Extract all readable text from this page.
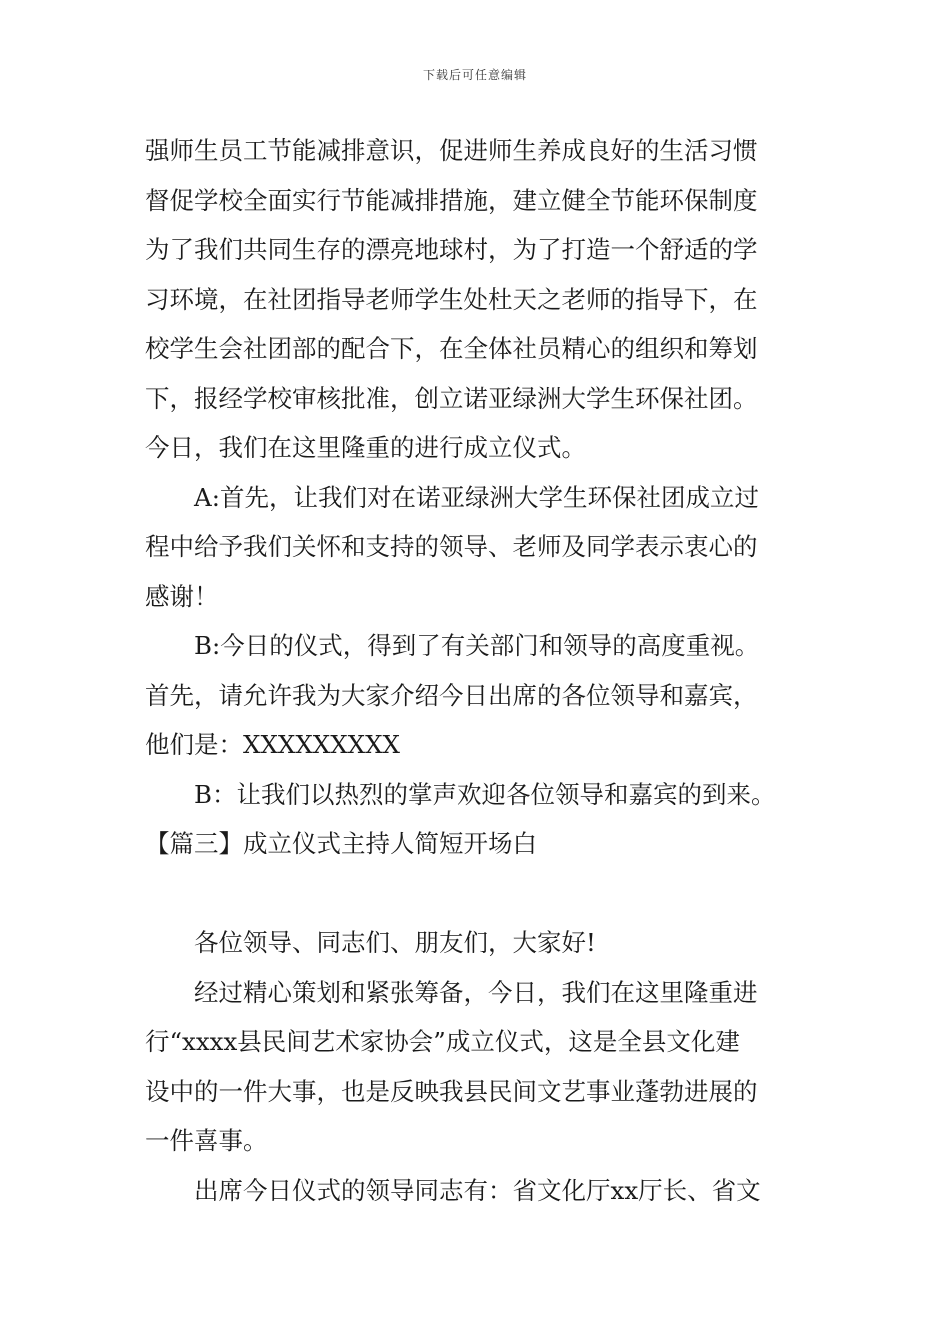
下载后可任意编辑
强师生员工节能减排意识，促进师生养成良好的生活习惯
督促学校全面实行节能减排措施，建立健全节能环保制度
为了我们共同生存的漂亮地球村，为了打造一个舒适的学
习环境，在社团指导老师学生处杜天之老师的指导下，在
校学生会社团部的配合下，在全体社员精心的组织和筹划
下，报经学校审核批准，创立诺亚绿洲大学生环保社团。
今日，我们在这里隆重的进行成立仪式。
A:首先，让我们对在诺亚绿洲大学生环保社团成立过
程中给予我们关怀和支持的领导、老师及同学表示衷心的
感谢！
B:今日的仪式，得到了有关部门和领导的高度重视。
首先，请允许我为大家介绍今日出席的各位领导和嘉宾，
他们是：XXXXXXXXX
B：让我们以热烈的掌声欢迎各位领导和嘉宾的到来。
【篇三】成立仪式主持人简短开场白
各位领导、同志们、朋友们，大家好!
经过精心策划和紧张筹备，今日，我们在这里隆重进
行“xxxx县民间艺术家协会”成立仪式，这是全县文化建
设中的一件大事，也是反映我县民间文艺事业蓬勃进展的
一件喜事。
出席今日仪式的领导同志有：省文化厅xx厅长、省文
